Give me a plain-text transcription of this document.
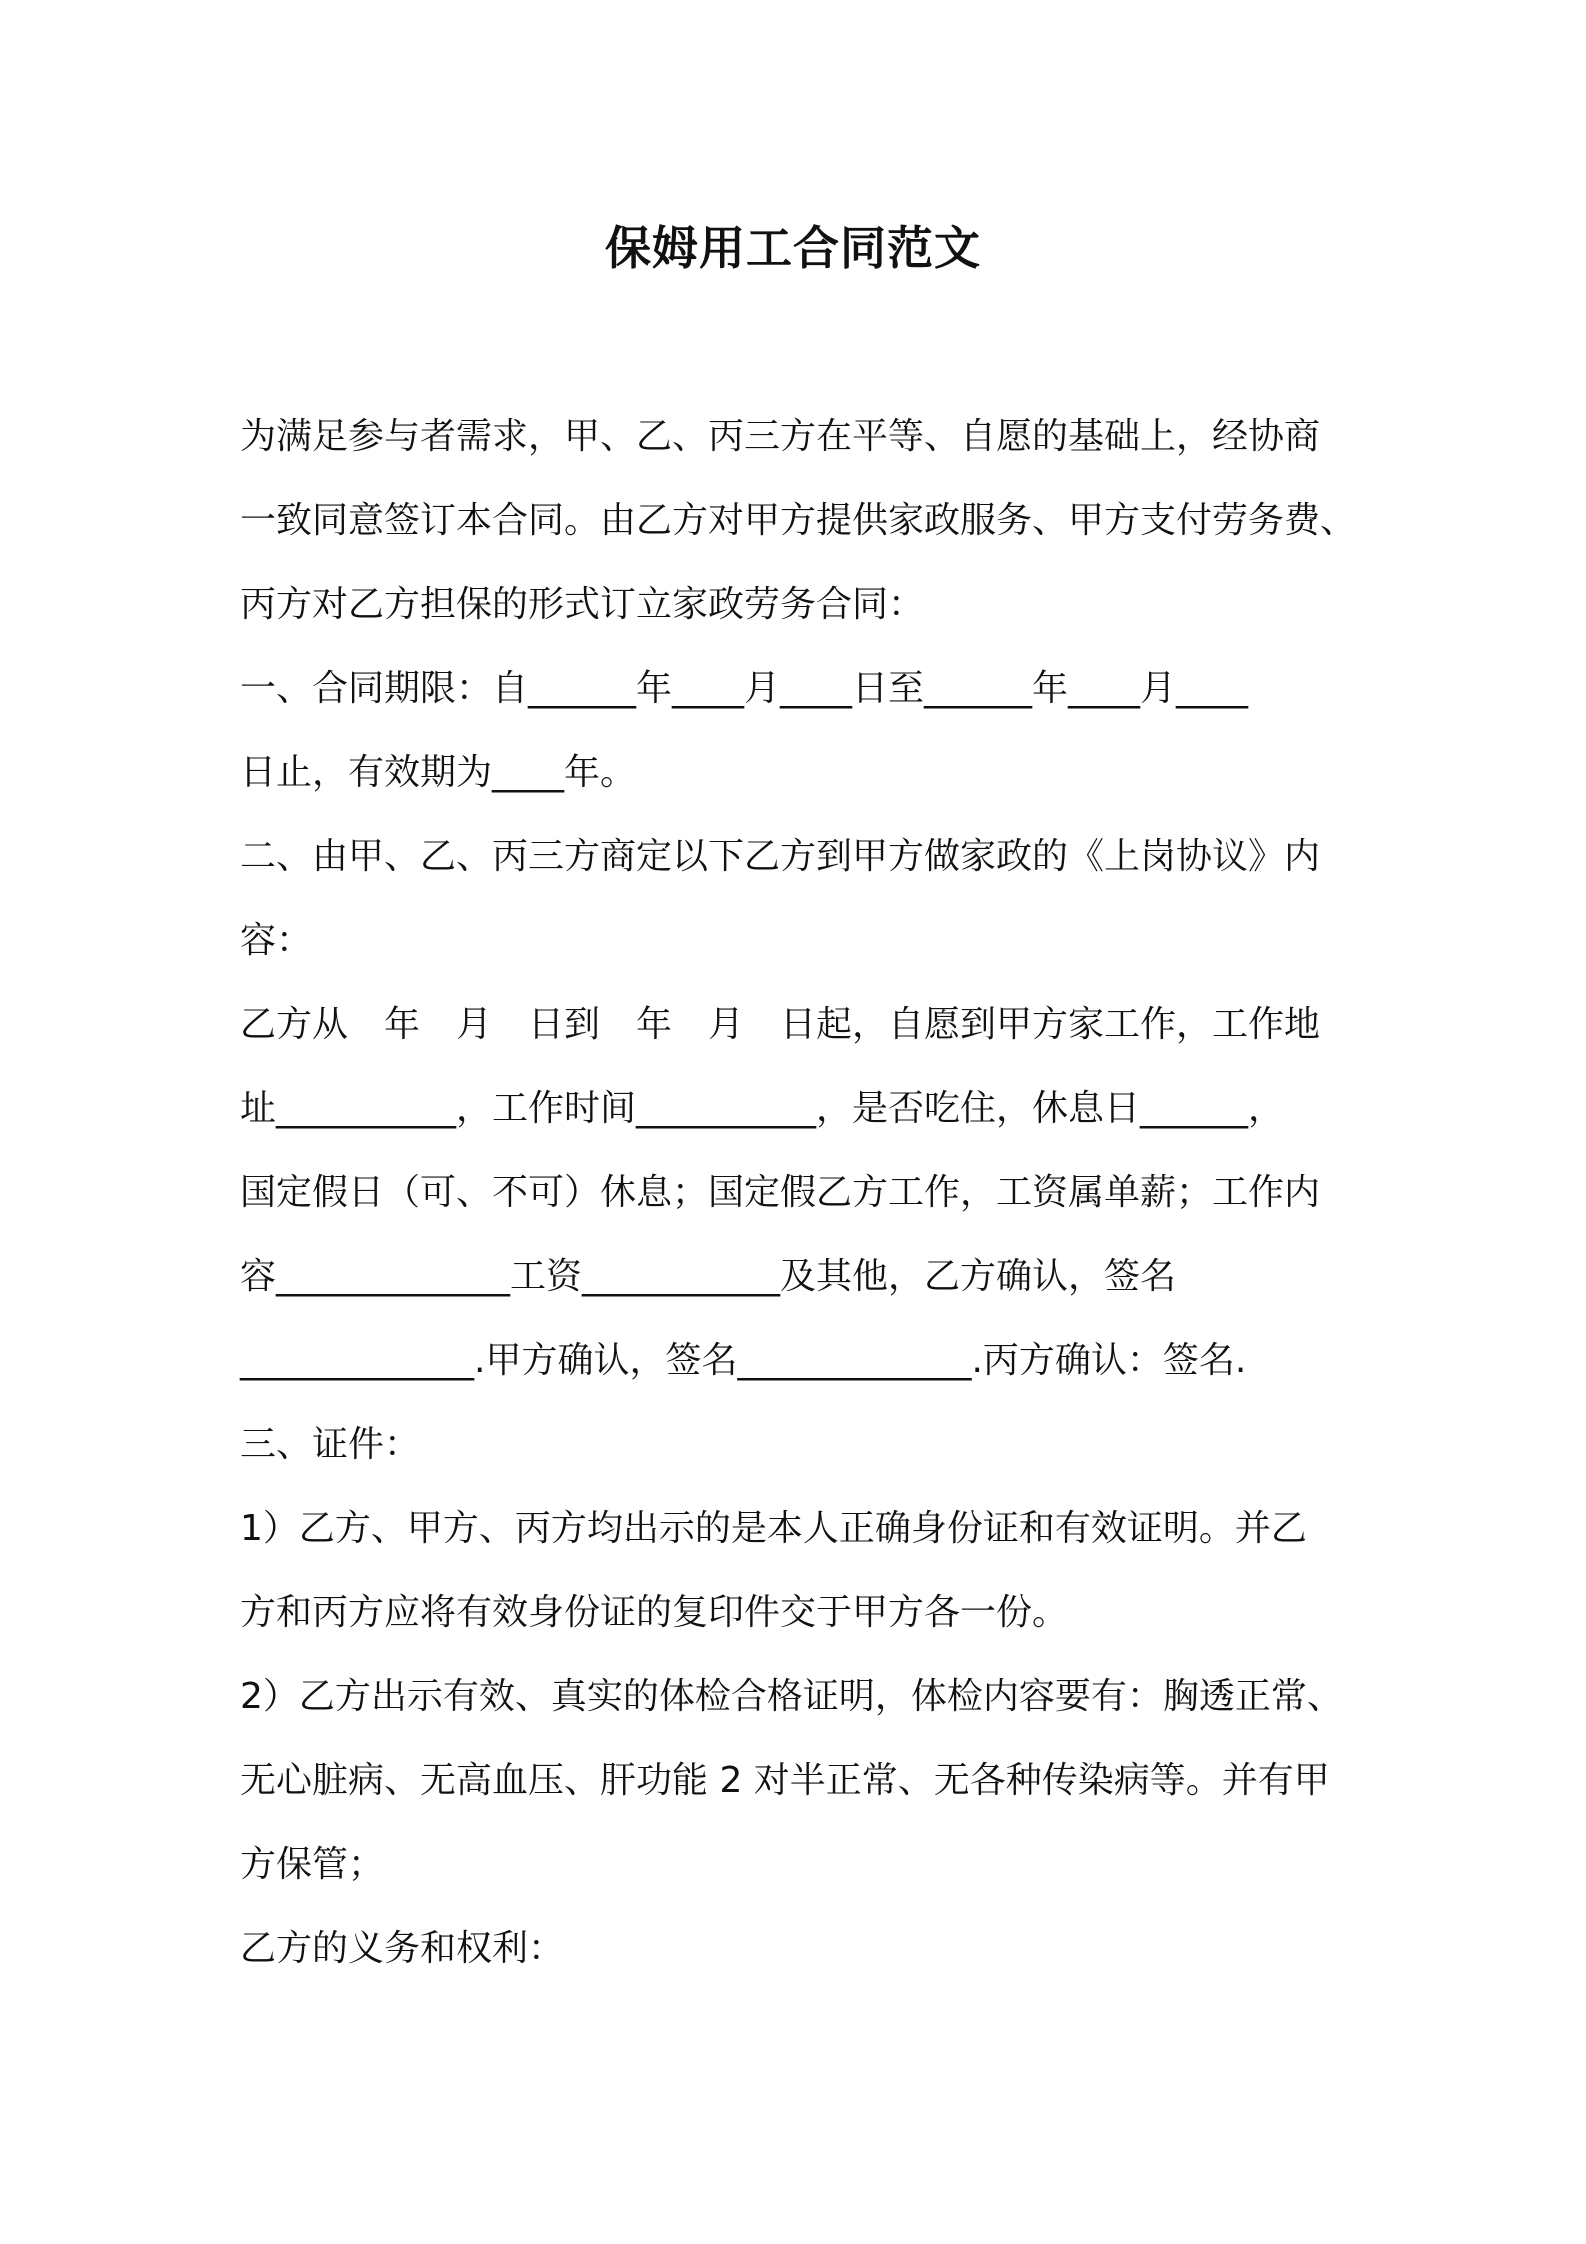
保姆用工合同范文
为满足参与者需求，甲、乙、丙三方在平等、自愿的基础上，经协商
一致同意签订本合同。由乙方对甲方提供家政服务、甲方支付劳务费、
丙方对乙方担保的形式订立家政劳务合同：
一、合同期限：自______年____月____日至______年____月____
日止，有效期为____年。
二、由甲、乙、丙三方商定以下乙方到甲方做家政的《上岗协议》内
容：
乙方从　年　月　日到　年　月　日起，自愿到甲方家工作，工作地
址__________，工作时间__________，是否吃住，休息日______，
国定假日（可、不可）休息；国定假乙方工作，工资属单薪；工作内
容_____________工资___________及其他，乙方确认，签名
_____________.甲方确认，签名_____________.丙方确认：签名.
三、证件：
1）乙方、甲方、丙方均出示的是本人正确身份证和有效证明。并乙
方和丙方应将有效身份证的复印件交于甲方各一份。
2）乙方出示有效、真实的体检合格证明，体检内容要有：胸透正常、
无心脏病、无高血压、肝功能 2 对半正常、无各种传染病等。并有甲
方保管；
乙方的义务和权利：
